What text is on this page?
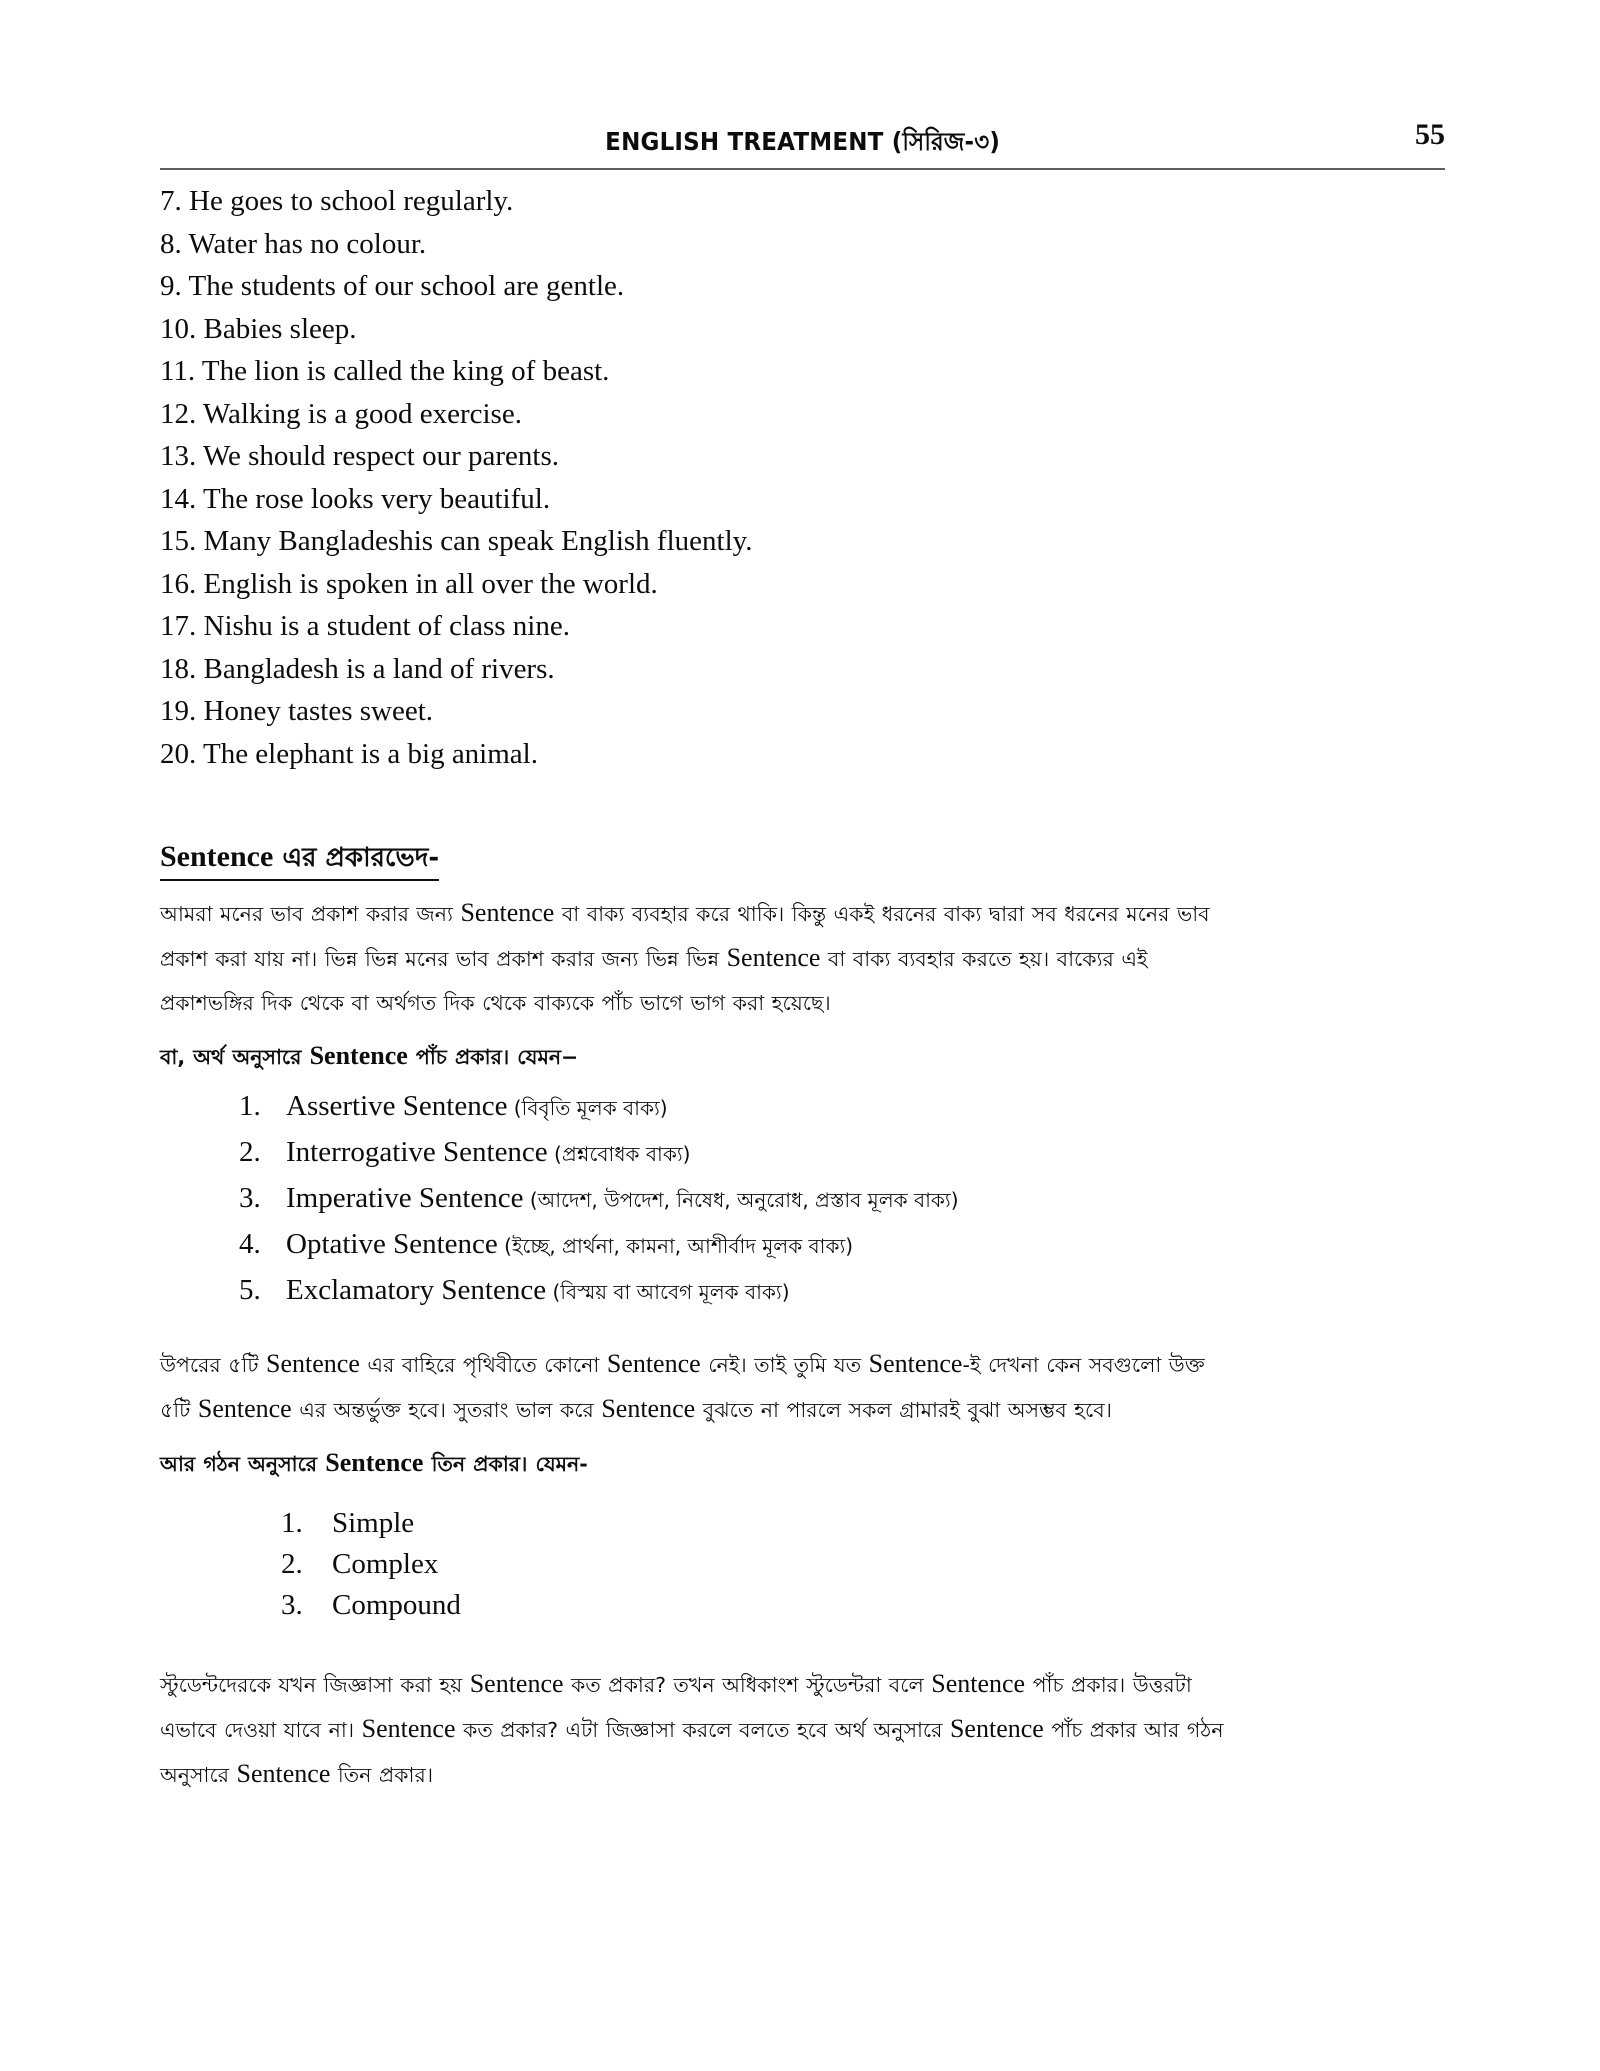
ENGLISH TREATMENT (সিরিজ-৩)	55
7. He goes to school regularly.
8. Water has no colour.
9. The students of our school are gentle.
10. Babies sleep.
11. The lion is called the king of beast.
12. Walking is a good exercise.
13. We should respect our parents.
14. The rose looks very beautiful.
15. Many Bangladeshis can speak English fluently.
16. English is spoken in all over the world.
17. Nishu is a student of class nine.
18. Bangladesh is a land of rivers.
19. Honey tastes sweet.
20. The elephant is a big animal.
Sentence এর প্রকারভেদ-
আমরা মনের ভাব প্রকাশ করার জন্য Sentence বা বাক্য ব্যবহার করে থাকি। কিন্তু একই ধরনের বাক্য দ্বারা সব ধরনের মনের ভাব
প্রকাশ করা যায় না। ভিন্ন ভিন্ন মনের ভাব প্রকাশ করার জন্য ভিন্ন ভিন্ন Sentence বা বাক্য ব্যবহার করতে হয়। বাক্যের এই
প্রকাশভঙ্গির দিক থেকে বা অর্থগত দিক থেকে বাক্যকে পাঁচ ভাগে ভাগ করা হয়েছে।
বা, অর্থ অনুসারে Sentence পাঁচ প্রকার। যেমন−
1. Assertive Sentence (বিবৃতি মূলক বাক্য)
2. Interrogative Sentence (প্রশ্নবোধক বাক্য)
3. Imperative Sentence (আদেশ, উপদেশ, নিষেধ, অনুরোধ, প্রস্তাব মূলক বাক্য)
4. Optative Sentence (ইচ্ছে, প্রার্থনা, কামনা, আশীর্বাদ মূলক বাক্য)
5. Exclamatory Sentence (বিস্ময় বা আবেগ মূলক বাক্য)
উপরের ৫টি Sentence এর বাহিরে পৃথিবীতে কোনো Sentence নেই। তাই তুমি যত Sentence-ই দেখনা কেন সবগুলো উক্ত
৫টি Sentence এর অন্তর্ভুক্ত হবে। সুতরাং ভাল করে Sentence বুঝতে না পারলে সকল গ্রামারই বুঝা অসম্ভব হবে।
আর গঠন অনুসারে Sentence তিন প্রকার। যেমন-
1. Simple
2. Complex
3. Compound
স্টুডেন্টদেরকে যখন জিজ্ঞাসা করা হয় Sentence কত প্রকার? তখন অধিকাংশ স্টুডেন্টরা বলে Sentence পাঁচ প্রকার। উত্তরটা
এভাবে দেওয়া যাবে না। Sentence কত প্রকার? এটা জিজ্ঞাসা করলে বলতে হবে অর্থ অনুসারে Sentence পাঁচ প্রকার আর গঠন
অনুসারে Sentence তিন প্রকার।
